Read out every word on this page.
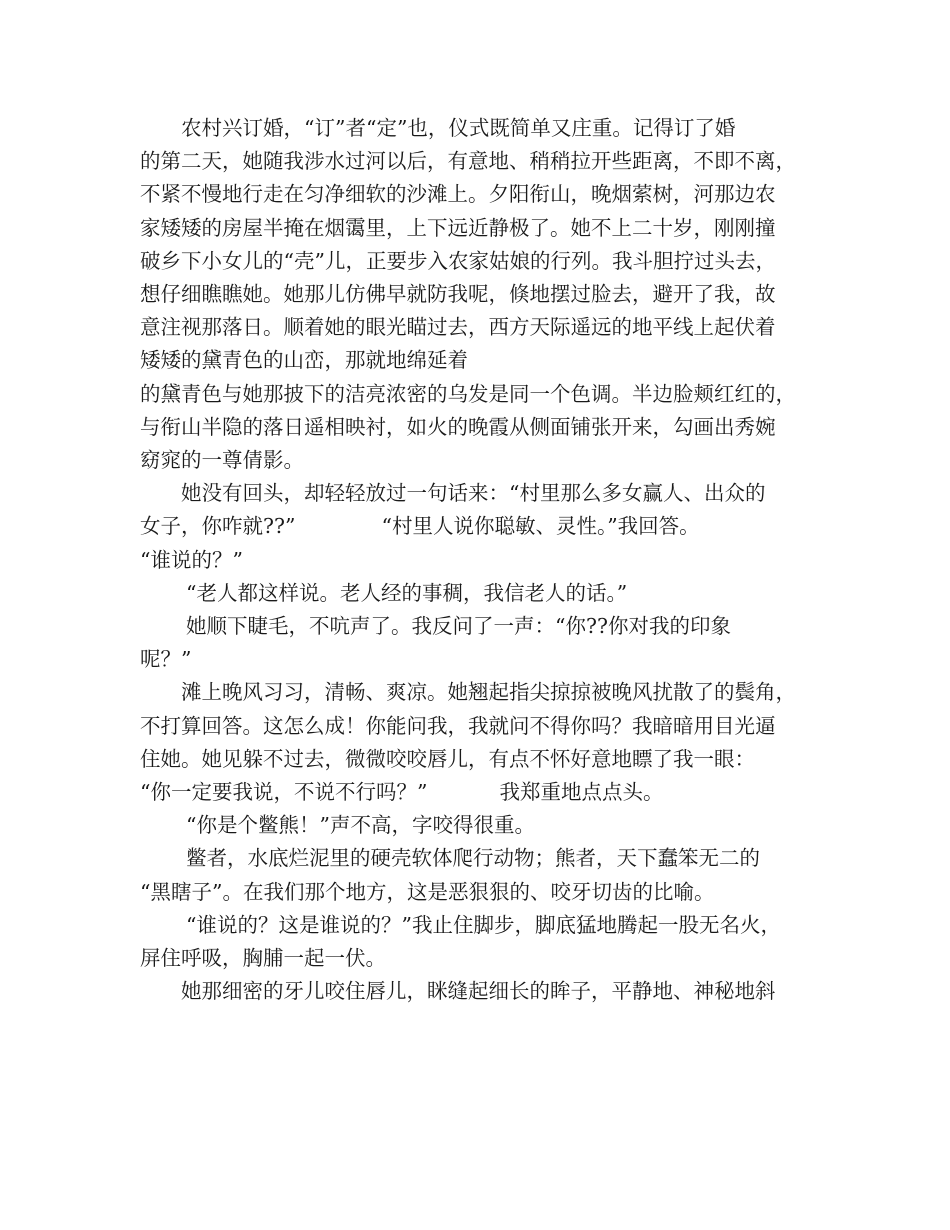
农村兴订婚，“订”者“定”也，仪式既简单又庄重。记得订了婚
的第二天，她随我涉水过河以后，有意地、稍稍拉开些距离，不即不离，
不紧不慢地行走在匀净细软的沙滩上。夕阳衔山，晚烟萦树，河那边农
家矮矮的房屋半掩在烟霭里，上下远近静极了。她不上二十岁，刚刚撞
破乡下小女儿的“壳”儿，正要步入农家姑娘的行列。我斗胆拧过头去，
想仔细瞧瞧她。她那儿仿佛早就防我呢，倏地摆过脸去，避开了我，故
意注视那落日。顺着她的眼光瞄过去，西方天际遥远的地平线上起伏着
矮矮的黛青色的山峦，那就地绵延着

的黛青色与她那披下的洁亮浓密的乌发是同一个色调。半边脸颊红红的，
与衔山半隐的落日遥相映衬，如火的晚霞从侧面铺张开来，勾画出秀婉
窈窕的一尊倩影。

她没有回头，却轻轻放过一句话来：“村里那么多女赢人、出众的
女子，你咋就??”	“村里人说你聪敏、灵性。”我回答。
“谁说的？”

“老人都这样说。老人经的事稠，我信老人的话。”

她顺下睫毛，不吭声了。我反问了一声：“你??你对我的印象
呢？”

滩上晚风习习，清畅、爽凉。她翘起指尖掠掠被晚风扰散了的鬓角，
不打算回答。这怎么成！你能问我，我就问不得你吗？我暗暗用目光逼
住她。她见躲不过去，微微咬咬唇儿，有点不怀好意地瞟了我一眼：
“你一定要我说，不说不行吗？”	我郑重地点点头。

“你是个鳖熊！”声不高，字咬得很重。

鳖者，水底烂泥里的硬壳软体爬行动物；熊者，天下蠢笨无二的
“黑瞎子”。在我们那个地方，这是恶狠狠的、咬牙切齿的比喻。

“谁说的？这是谁说的？”我止住脚步，脚底猛地腾起一股无名火，
屏住呼吸，胸脯一起一伏。

她那细密的牙儿咬住唇儿，眯缝起细长的眸子，平静地、神秘地斜
